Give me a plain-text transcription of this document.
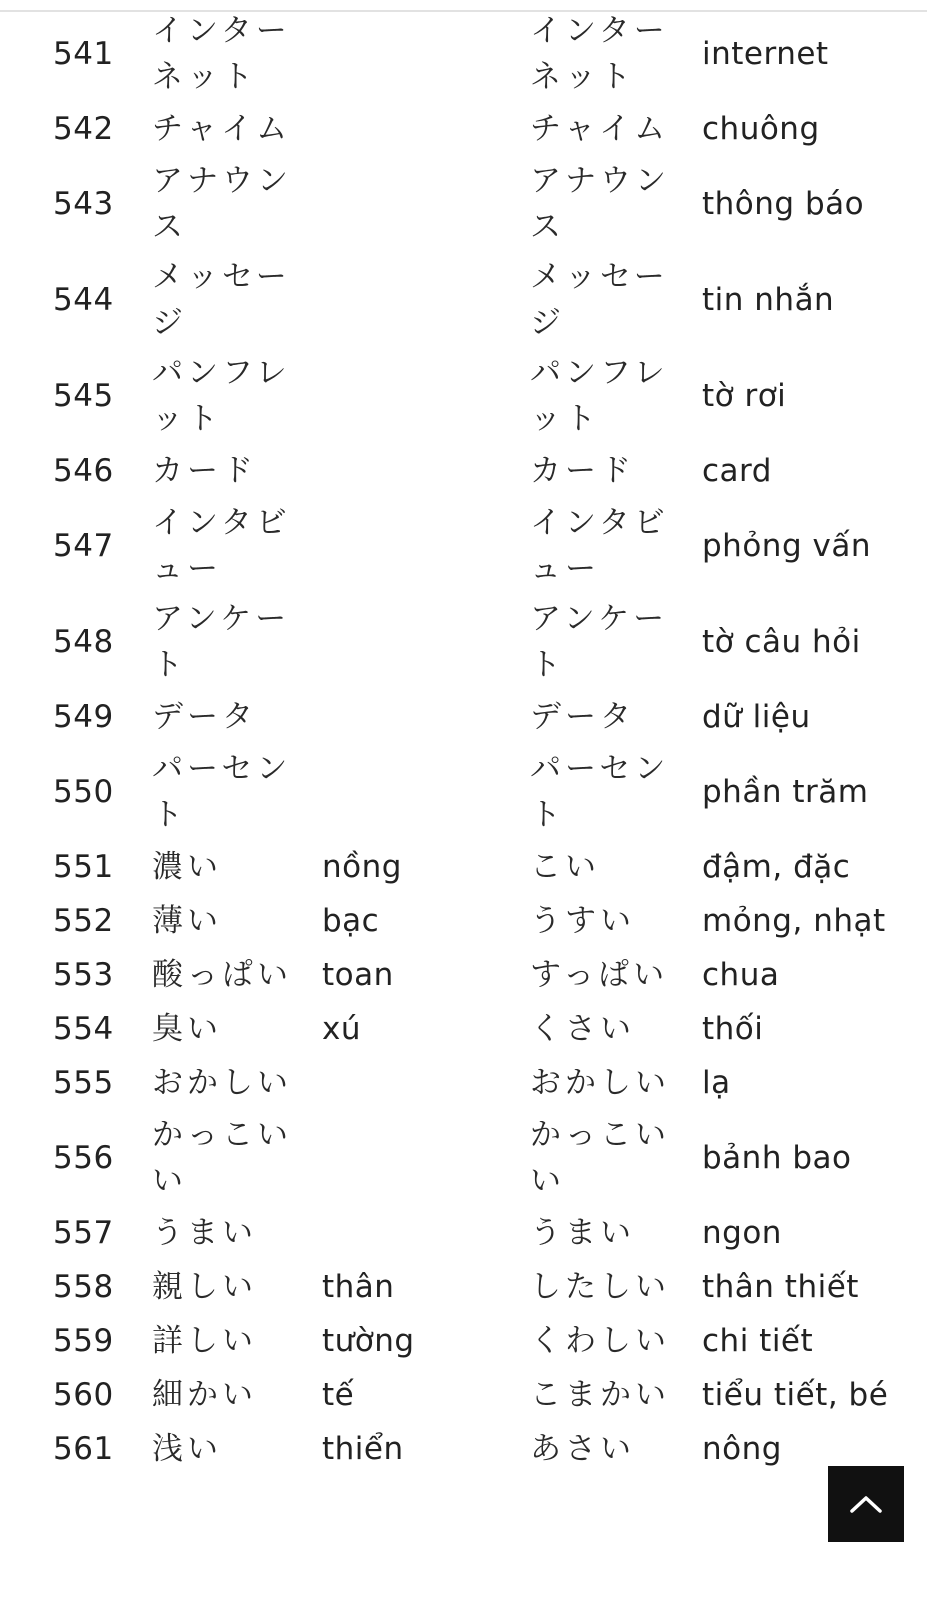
541	インターネット		インターネット	internet
542	チャイム		チャイム	chuông
543	アナウンス		アナウンス	thông báo
544	メッセージ		メッセージ	tin nhắn
545	パンフレット		パンフレット	tờ rơi
546	カード		カード	card
547	インタビュー		インタビュー	phỏng vấn
548	アンケート		アンケート	tờ câu hỏi
549	データ		データ	dữ liệu
550	パーセント		パーセント	phần trăm
551	濃い	nồng	こい	đậm, đặc
552	薄い	bạc	うすい	mỏng, nhạt
553	酸っぱい	toan	すっぱい	chua
554	臭い	xú	くさい	thối
555	おかしい		おかしい	lạ
556	かっこいい		かっこいい	bảnh bao
557	うまい		うまい	ngon
558	親しい	thân	したしい	thân thiết
559	詳しい	tường	くわしい	chi tiết
560	細かい	tế	こまかい	tiểu tiết, bé
561	浅い	thiển	あさい	nông
